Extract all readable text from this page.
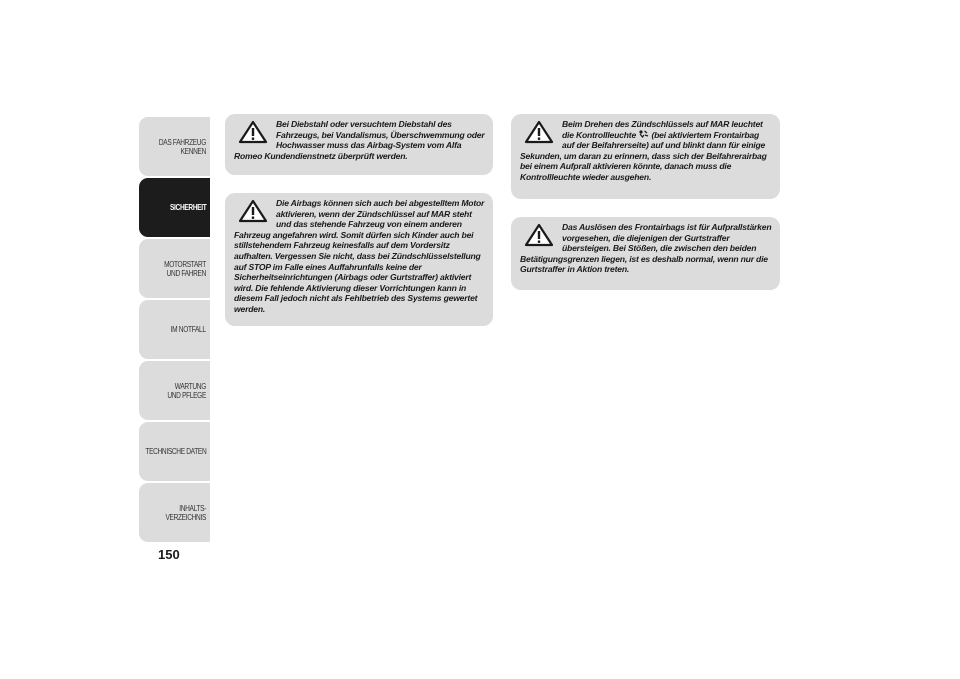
DAS FAHRZEUG KENNEN
SICHERHEIT
MOTORSTART UND FAHREN
IM NOTFALL
WARTUNG UND PFLEGE
TECHNISCHE DATEN
INHALTS-VERZEICHNIS
150

Bei Diebstahl oder versuchtem Diebstahl des Fahrzeugs, bei Vandalismus, Überschwemmung oder Hochwasser muss das Airbag-System vom Alfa Romeo Kundendienstnetz überprüft werden.

Die Airbags können sich auch bei abgestelltem Motor aktivieren, wenn der Zündschlüssel auf MAR steht und das stehende Fahrzeug von einem anderen Fahrzeug angefahren wird. Somit dürfen sich Kinder auch bei stillstehendem Fahrzeug keinesfalls auf dem Vordersitz aufhalten. Vergessen Sie nicht, dass bei Zündschlüsselstellung auf STOP im Falle eines Auffahrunfalls keine der Sicherheitseinrichtungen (Airbags oder Gurtstraffer) aktiviert wird. Die fehlende Aktivierung dieser Vorrichtungen kann in diesem Fall jedoch nicht als Fehlbetrieb des Systems gewertet werden.

Beim Drehen des Zündschlüssels auf MAR leuchtet die Kontrollleuchte (bei aktiviertem Frontairbag auf der Beifahrerseite) auf und blinkt dann für einige Sekunden, um daran zu erinnern, dass sich der Beifahrerairbag bei einem Aufprall aktivieren könnte, danach muss die Kontrollleuchte wieder ausgehen.

Das Auslösen des Frontairbags ist für Aufprallstärken vorgesehen, die diejenigen der Gurtstraffer übersteigen. Bei Stößen, die zwischen den beiden Betätigungsgrenzen liegen, ist es deshalb normal, wenn nur die Gurtstraffer in Aktion treten.
